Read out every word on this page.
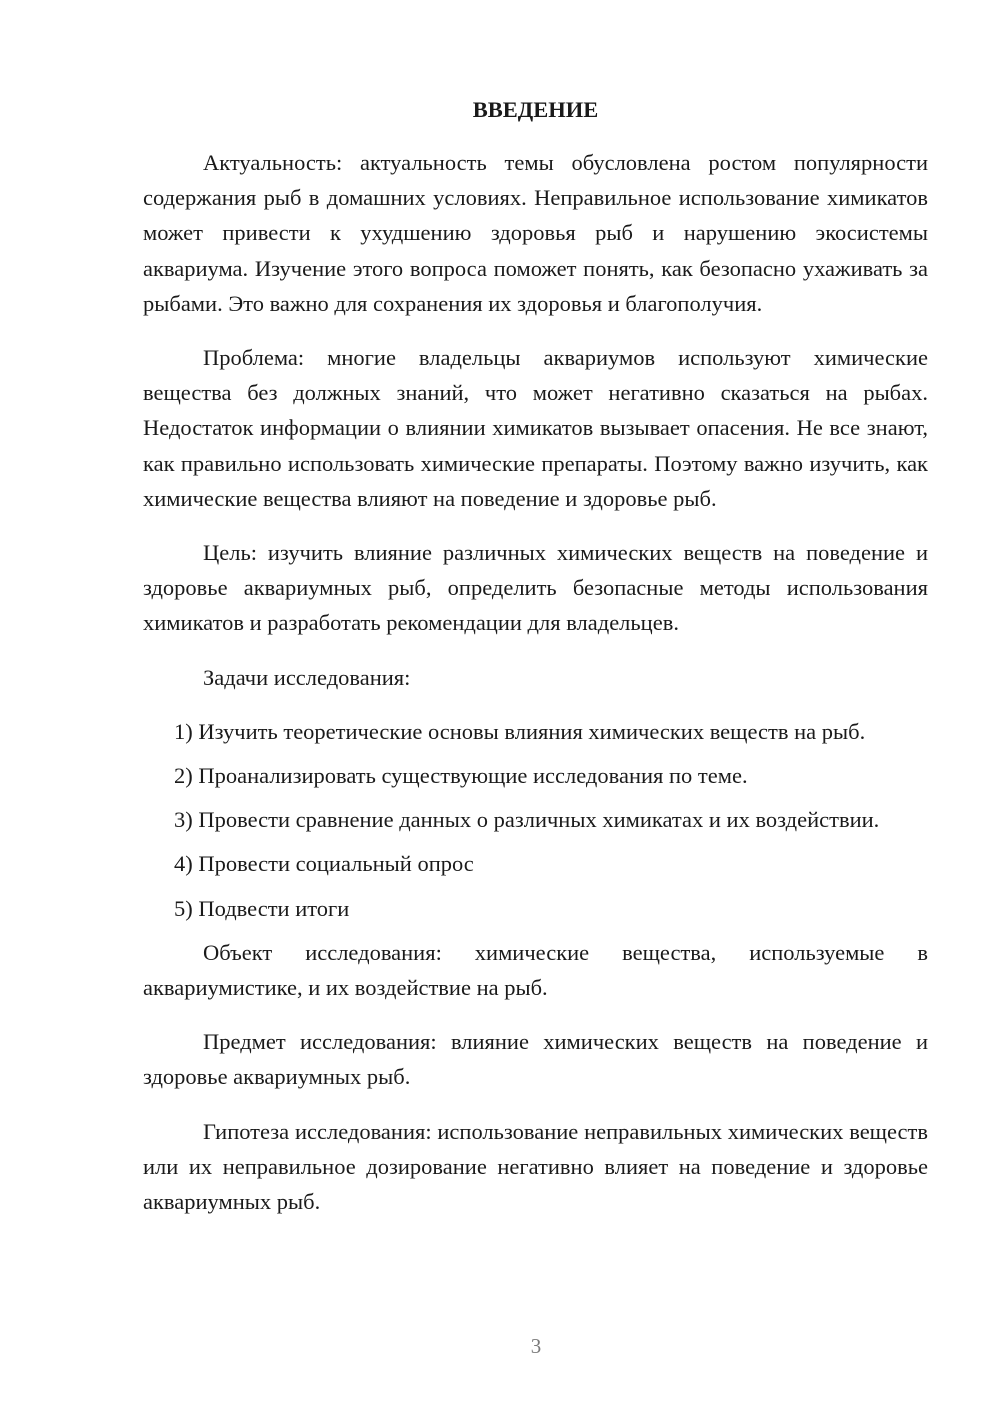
ВВЕДЕНИЕ

Актуальность: актуальность темы обусловлена ростом популярности содержания рыб в домашних условиях. Неправильное использование химикатов может привести к ухудшению здоровья рыб и нарушению экосистемы аквариума. Изучение этого вопроса поможет понять, как безопасно ухаживать за рыбами. Это важно для сохранения их здоровья и благополучия.

Проблема: многие владельцы аквариумов используют химические вещества без должных знаний, что может негативно сказаться на рыбах. Недостаток информации о влиянии химикатов вызывает опасения. Не все знают, как правильно использовать химические препараты. Поэтому важно изучить, как химические вещества влияют на поведение и здоровье рыб.

Цель: изучить влияние различных химических веществ на поведение и здоровье аквариумных рыб, определить безопасные методы использования химикатов и разработать рекомендации для владельцев.

Задачи исследования:

1) Изучить теоретические основы влияния химических веществ на рыб.

2) Проанализировать существующие исследования по теме.

3) Провести сравнение данных о различных химикатах и их воздействии.

4) Провести социальный опрос

5) Подвести итоги

Объект исследования: химические вещества, используемые в аквариумистике, и их воздействие на рыб.

Предмет исследования: влияние химических веществ на поведение и здоровье аквариумных рыб.

Гипотеза исследования: использование неправильных химических веществ или их неправильное дозирование негативно влияет на поведение и здоровье аквариумных рыб.

3
